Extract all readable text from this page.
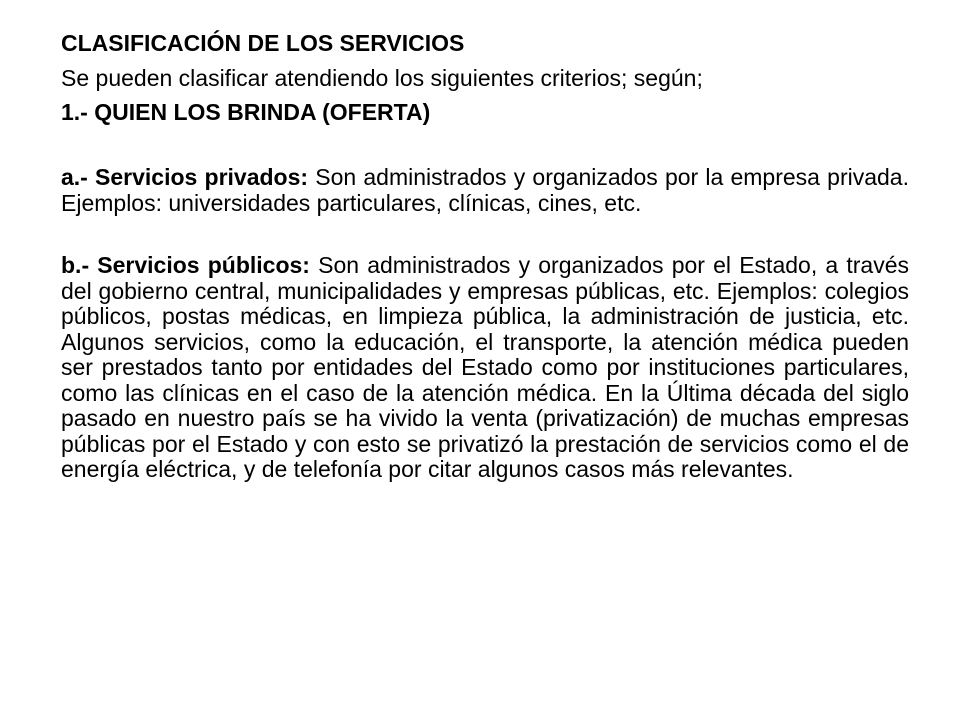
CLASIFICACIÓN DE LOS SERVICIOS

Se pueden clasificar atendiendo los siguientes criterios; según;

1.- QUIEN LOS BRINDA (OFERTA)

a.- Servicios privados: Son administrados y organizados por la empresa privada. Ejemplos: universidades particulares, clínicas, cines, etc.

b.- Servicios públicos: Son administrados y organizados por el Estado, a través del gobierno central, municipalidades y empresas públicas, etc. Ejemplos: colegios públicos, postas médicas, en limpieza pública, la administración de justicia, etc. Algunos servicios, como la educación, el transporte, la atención médica pueden ser prestados tanto por entidades del Estado como por instituciones particulares, como las clínicas en el caso de la atención médica. En la Última década del siglo pasado en nuestro país se ha vivido la venta (privatización) de muchas empresas públicas por el Estado y con esto se privatizó la prestación de servicios como el de energía eléctrica, y de telefonía por citar algunos casos más relevantes.
